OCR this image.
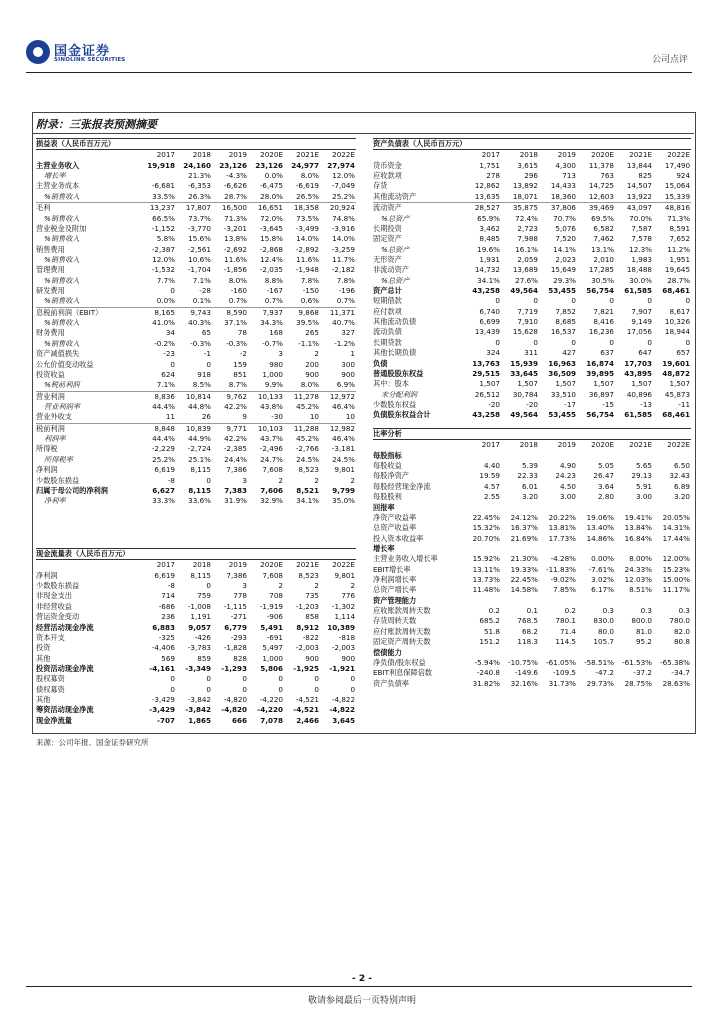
国金证券
SINOLINK SECURITIES	公司点评
附录：三张报表预测摘要
损益表（人民币百万元）						
	2017	2018	2019	2020E	2021E	2022E
主营业务收入	19,918	24,160	23,126	23,126	24,977	27,974
增长率		21.3%	-4.3%	0.0%	8.0%	12.0%
主营业务成本	-6,681	-6,353	-6,626	-6,475	-6,619	-7,049
%销售收入	33.5%	26.3%	28.7%	28.0%	26.5%	25.2%
毛利	13,237	17,807	16,500	16,651	18,358	20,924
%销售收入	66.5%	73.7%	71.3%	72.0%	73.5%	74.8%
营业税金及附加	-1,152	-3,770	-3,201	-3,645	-3,499	-3,916
%销售收入	5.8%	15.6%	13.8%	15.8%	14.0%	14.0%
销售费用	-2,387	-2,561	-2,692	-2,868	-2,892	-3,259
%销售收入	12.0%	10.6%	11.6%	12.4%	11.6%	11.7%
管理费用	-1,532	-1,704	-1,856	-2,035	-1,948	-2,182
%销售收入	7.7%	7.1%	8.0%	8.8%	7.8%	7.8%
研发费用	0	-28	-160	-167	-150	-196
%销售收入	0.0%	0.1%	0.7%	0.7%	0.6%	0.7%
息税前利润（EBIT）	8,165	9,743	8,590	7,937	9,868	11,371
%销售收入	41.0%	40.3%	37.1%	34.3%	39.5%	40.7%
财务费用	34	65	78	168	265	327
%销售收入	-0.2%	-0.3%	-0.3%	-0.7%	-1.1%	-1.2%
资产减值损失	-23	-1	-2	3	2	1
公允价值变动收益	0	0	159	980	200	300
投资收益	624	918	851	1,000	900	900
%税前利润	7.1%	8.5%	8.7%	9.9%	8.0%	6.9%
营业利润	8,836	10,814	9,762	10,133	11,278	12,972
营业利润率	44.4%	44.8%	42.2%	43.8%	45.2%	46.4%
营业外收支	11	26	9	-30	10	10
税前利润	8,848	10,839	9,771	10,103	11,288	12,982
利润率	44.4%	44.9%	42.2%	43.7%	45.2%	46.4%
所得税	-2,229	-2,724	-2,385	-2,496	-2,766	-3,181
所得税率	25.2%	25.1%	24.4%	24.7%	24.5%	24.5%
净利润	6,619	8,115	7,386	7,608	8,523	9,801
少数股东损益	-8	0	3	2	2	2
归属于母公司的净利润	6,627	8,115	7,383	7,606	8,521	9,799
净利率	33.3%	33.6%	31.9%	32.9%	34.1%	35.0%
现金流量表（人民币百万元）						
	2017	2018	2019	2020E	2021E	2022E
净利润	6,619	8,115	7,386	7,608	8,523	9,801
少数股东损益	-8	0	3	2	2	2
非现金支出	714	759	778	708	735	776
非经营收益	-686	-1,008	-1,115	-1,919	-1,203	-1,302
营运资金变动	236	1,191	-271	-906	858	1,114
经营活动现金净流	6,883	9,057	6,779	5,491	8,912	10,389
资本开支	-325	-426	-293	-691	-822	-818
投资	-4,406	-3,783	-1,828	5,497	-2,003	-2,003
其他	569	859	828	1,000	900	900
投资活动现金净流	-4,161	-3,349	-1,293	5,806	-1,925	-1,921
股权募资	0	0	0	0	0	0
债权募资	0	0	0	0	0	0
其他	-3,429	-3,842	-4,820	-4,220	-4,521	-4,822
筹资活动现金净流	-3,429	-3,842	-4,820	-4,220	-4,521	-4,822
现金净流量	-707	1,865	666	7,078	2,466	3,645
资产负债表（人民币百万元）						
	2017	2018	2019	2020E	2021E	2022E
货币资金	1,751	3,615	4,300	11,378	13,844	17,490
应收款项	278	296	713	763	825	924
存货	12,862	13,892	14,433	14,725	14,507	15,064
其他流动资产	13,635	18,071	18,360	12,603	13,922	15,339
流动资产	28,527	35,875	37,806	39,469	43,097	48,816
%总资产	65.9%	72.4%	70.7%	69.5%	70.0%	71.3%
长期投资	3,462	2,723	5,076	6,582	7,587	8,591
固定资产	8,485	7,988	7,520	7,462	7,578	7,652
%总资产	19.6%	16.1%	14.1%	13.1%	12.3%	11.2%
无形资产	1,931	2,059	2,023	2,010	1,983	1,951
非流动资产	14,732	13,689	15,649	17,285	18,488	19,645
%总资产	34.1%	27.6%	29.3%	30.5%	30.0%	28.7%
资产总计	43,258	49,564	53,455	56,754	61,585	68,461
短期借款	0	0	0	0	0	0
应付款项	6,740	7,719	7,852	7,821	7,907	8,617
其他流动负债	6,699	7,910	8,685	8,416	9,149	10,326
流动负债	13,439	15,628	16,537	16,236	17,056	18,944
长期贷款	0	0	0	0	0	0
其他长期负债	324	311	427	637	647	657
负债	13,763	15,939	16,963	16,874	17,703	19,601
普通股股东权益	29,515	33,645	36,509	39,895	43,895	48,872
其中：股本	1,507	1,507	1,507	1,507	1,507	1,507
未分配利润	26,512	30,784	33,510	36,897	40,896	45,873
少数股东权益	-20	-20	-17	-15	-13	-11
负债股东权益合计	43,258	49,564	53,455	56,754	61,585	68,461
比率分析						
	2017	2018	2019	2020E	2021E	2022E
每股指标						
每股收益	4.40	5.39	4.90	5.05	5.65	6.50
每股净资产	19.59	22.33	24.23	26.47	29.13	32.43
每股经营现金净流	4.57	6.01	4.50	3.64	5.91	6.89
每股股利	2.55	3.20	3.00	2.80	3.00	3.20
回报率						
净资产收益率	22.45%	24.12%	20.22%	19.06%	19.41%	20.05%
总资产收益率	15.32%	16.37%	13.81%	13.40%	13.84%	14.31%
投入资本收益率	20.70%	21.69%	17.73%	14.86%	16.84%	17.44%
增长率						
主营业务收入增长率	15.92%	21.30%	-4.28%	0.00%	8.00%	12.00%
EBIT增长率	13.11%	19.33%	-11.83%	-7.61%	24.33%	15.23%
净利润增长率	13.73%	22.45%	-9.02%	3.02%	12.03%	15.00%
总资产增长率	11.48%	14.58%	7.85%	6.17%	8.51%	11.17%
资产管理能力						
应收账款周转天数	0.2	0.1	0.2	0.3	0.3	0.3
存货周转天数	685.2	768.5	780.1	830.0	800.0	780.0
应付账款周转天数	51.8	68.2	71.4	80.0	81.0	82.0
固定资产周转天数	151.2	118.3	114.5	105.7	95.2	80.8
偿债能力						
净负债/股东权益	-5.94%	-10.75%	-61.05%	-58.51%	-61.53%	-65.38%
EBIT利息保障倍数	-240.8	-149.6	-109.5	-47.2	-37.2	-34.7
资产负债率	31.82%	32.16%	31.73%	29.73%	28.75%	28.63%
来源：公司年报、国金证券研究所
- 2 -
敬请参阅最后一页特别声明
